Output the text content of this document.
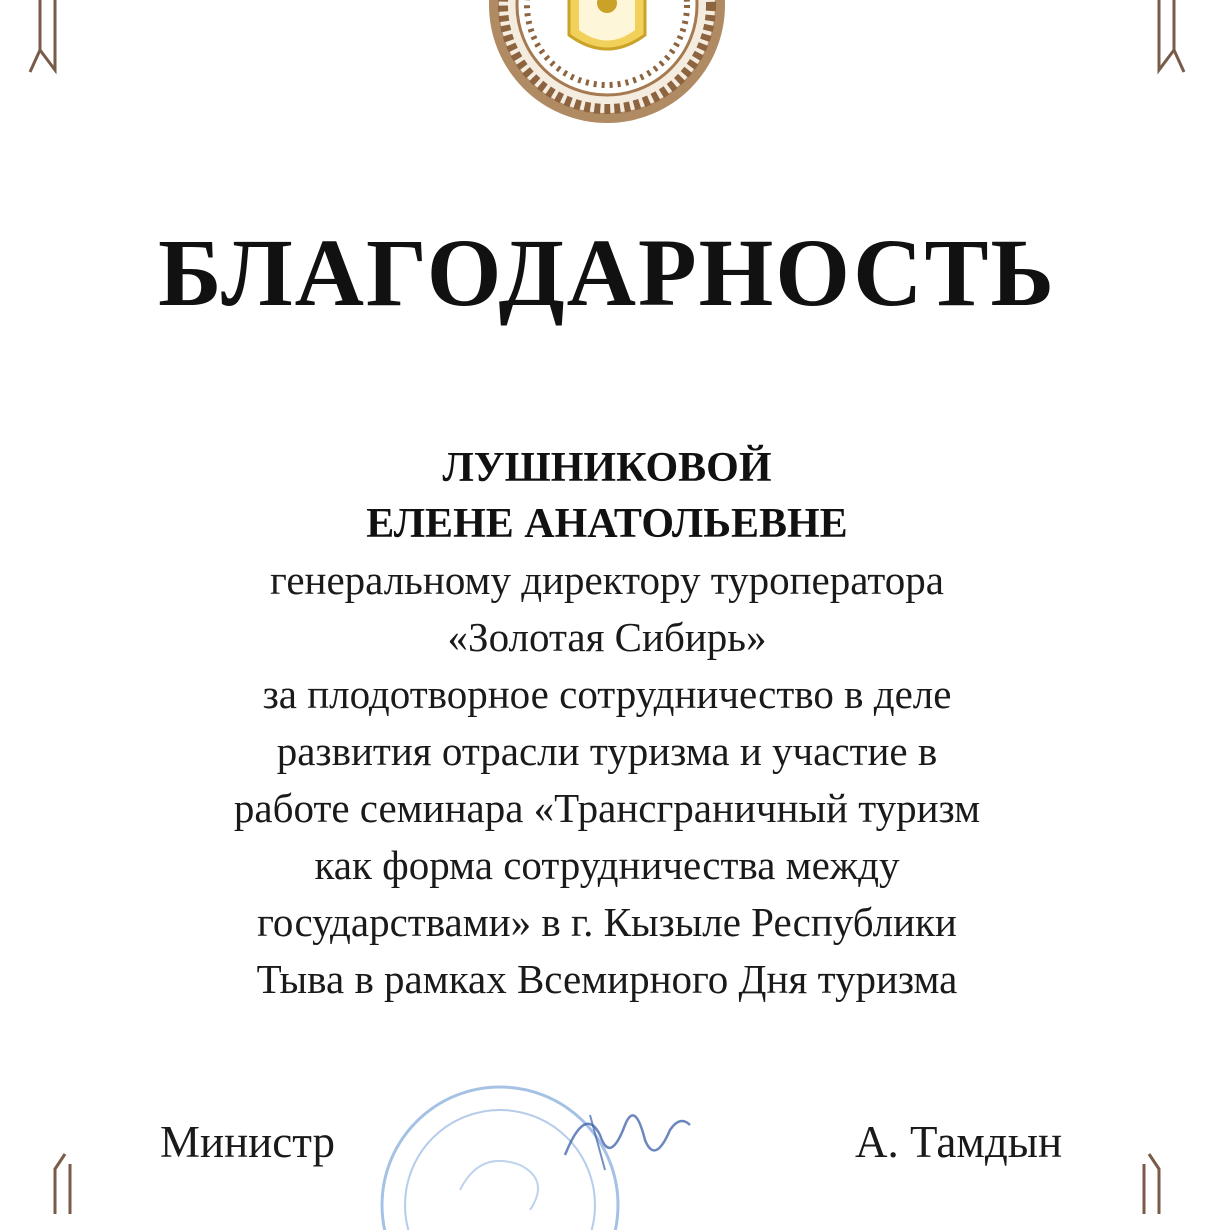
БЛАГОДАРНОСТЬ
ЛУШНИКОВОЙ
ЕЛЕНЕ АНАТОЛЬЕВНЕ
генеральному директору туроператора
«Золотая Сибирь»
за плодотворное сотрудничество в деле
развития отрасли туризма и участие в
работе семинара «Трансграничный туризм
как форма сотрудничества между
государствами» в г. Кызыле Республики
Тыва в рамках Всемирного Дня туризма
Министр	А. Тамдын
